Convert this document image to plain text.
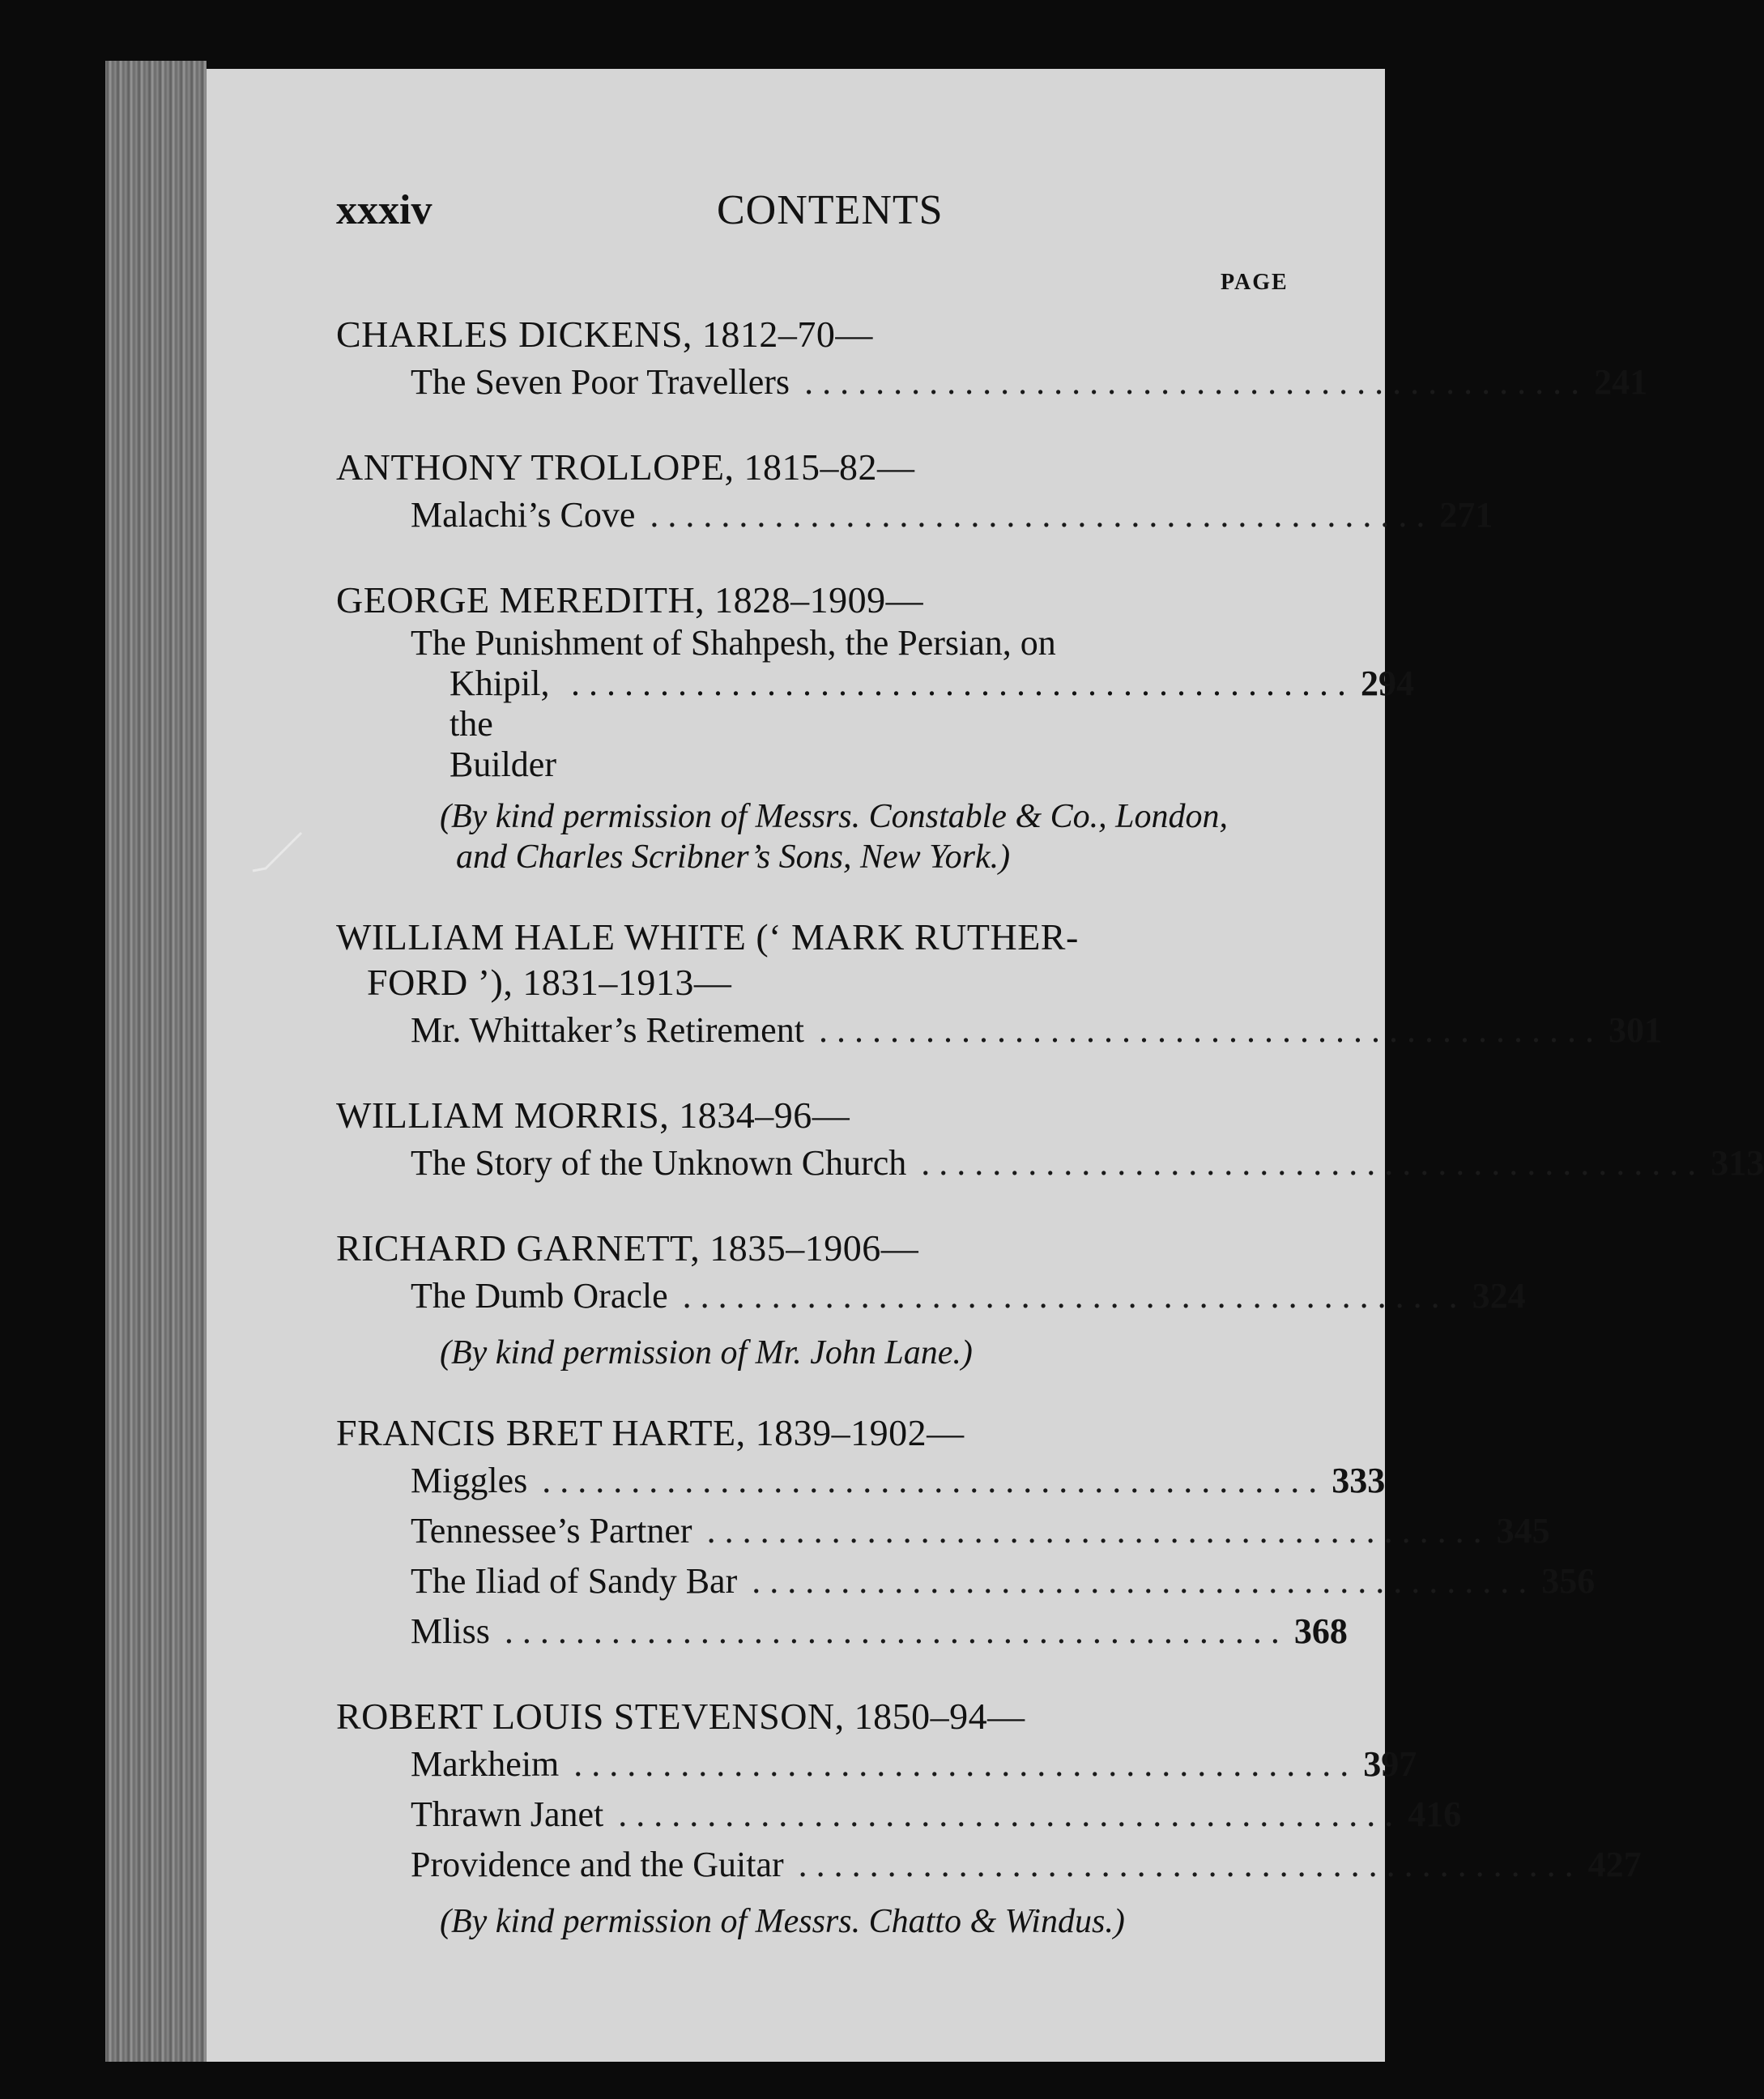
xxxiv	CONTENTS
PAGE
CHARLES DICKENS, 1812–70—
The Seven Poor Travellers . . . . . . . . . . . . . . . . . . . . . . . . . . . . . . . . . . . . . . . . . . . . 241
ANTHONY TROLLOPE, 1815–82—
Malachi’s Cove . . . . . . . . . . . . . . . . . . . . . . . . . . . . . . . . . . . . . . . . . . . . 271
GEORGE MEREDITH, 1828–1909—
The Punishment of Shahpesh, the Persian, on
Khipil, the Builder
. . . . . . . . . . . . . . . . . . . . . . . . . . . . . . . . . . . . . . . . . . . . 294
(By kind permission of Messrs. Constable & Co., London, and Charles Scribner’s Sons, New York.)
WILLIAM HALE WHITE (‘ MARK RUTHER-
FORD ’), 1831–1913—
Mr. Whittaker’s Retirement . . . . . . . . . . . . . . . . . . . . . . . . . . . . . . . . . . . . . . . . . . . . 301
WILLIAM MORRIS, 1834–96—
The Story of the Unknown Church . . . . . . . . . . . . . . . . . . . . . . . . . . . . . . . . . . . . . . . . . . . . 313
RICHARD GARNETT, 1835–1906—
The Dumb Oracle . . . . . . . . . . . . . . . . . . . . . . . . . . . . . . . . . . . . . . . . . . . . 324
(By kind permission of Mr. John Lane.)
FRANCIS BRET HARTE, 1839–1902—
Miggles . . . . . . . . . . . . . . . . . . . . . . . . . . . . . . . . . . . . . . . . . . . . 333
Tennessee’s Partner . . . . . . . . . . . . . . . . . . . . . . . . . . . . . . . . . . . . . . . . . . . . 345
The Iliad of Sandy Bar . . . . . . . . . . . . . . . . . . . . . . . . . . . . . . . . . . . . . . . . . . . . 356
Mliss . . . . . . . . . . . . . . . . . . . . . . . . . . . . . . . . . . . . . . . . . . . . 368
ROBERT LOUIS STEVENSON, 1850–94—
Markheim . . . . . . . . . . . . . . . . . . . . . . . . . . . . . . . . . . . . . . . . . . . . 397
Thrawn Janet . . . . . . . . . . . . . . . . . . . . . . . . . . . . . . . . . . . . . . . . . . . . 416
Providence and the Guitar . . . . . . . . . . . . . . . . . . . . . . . . . . . . . . . . . . . . . . . . . . . . 427
(By kind permission of Messrs. Chatto & Windus.)
